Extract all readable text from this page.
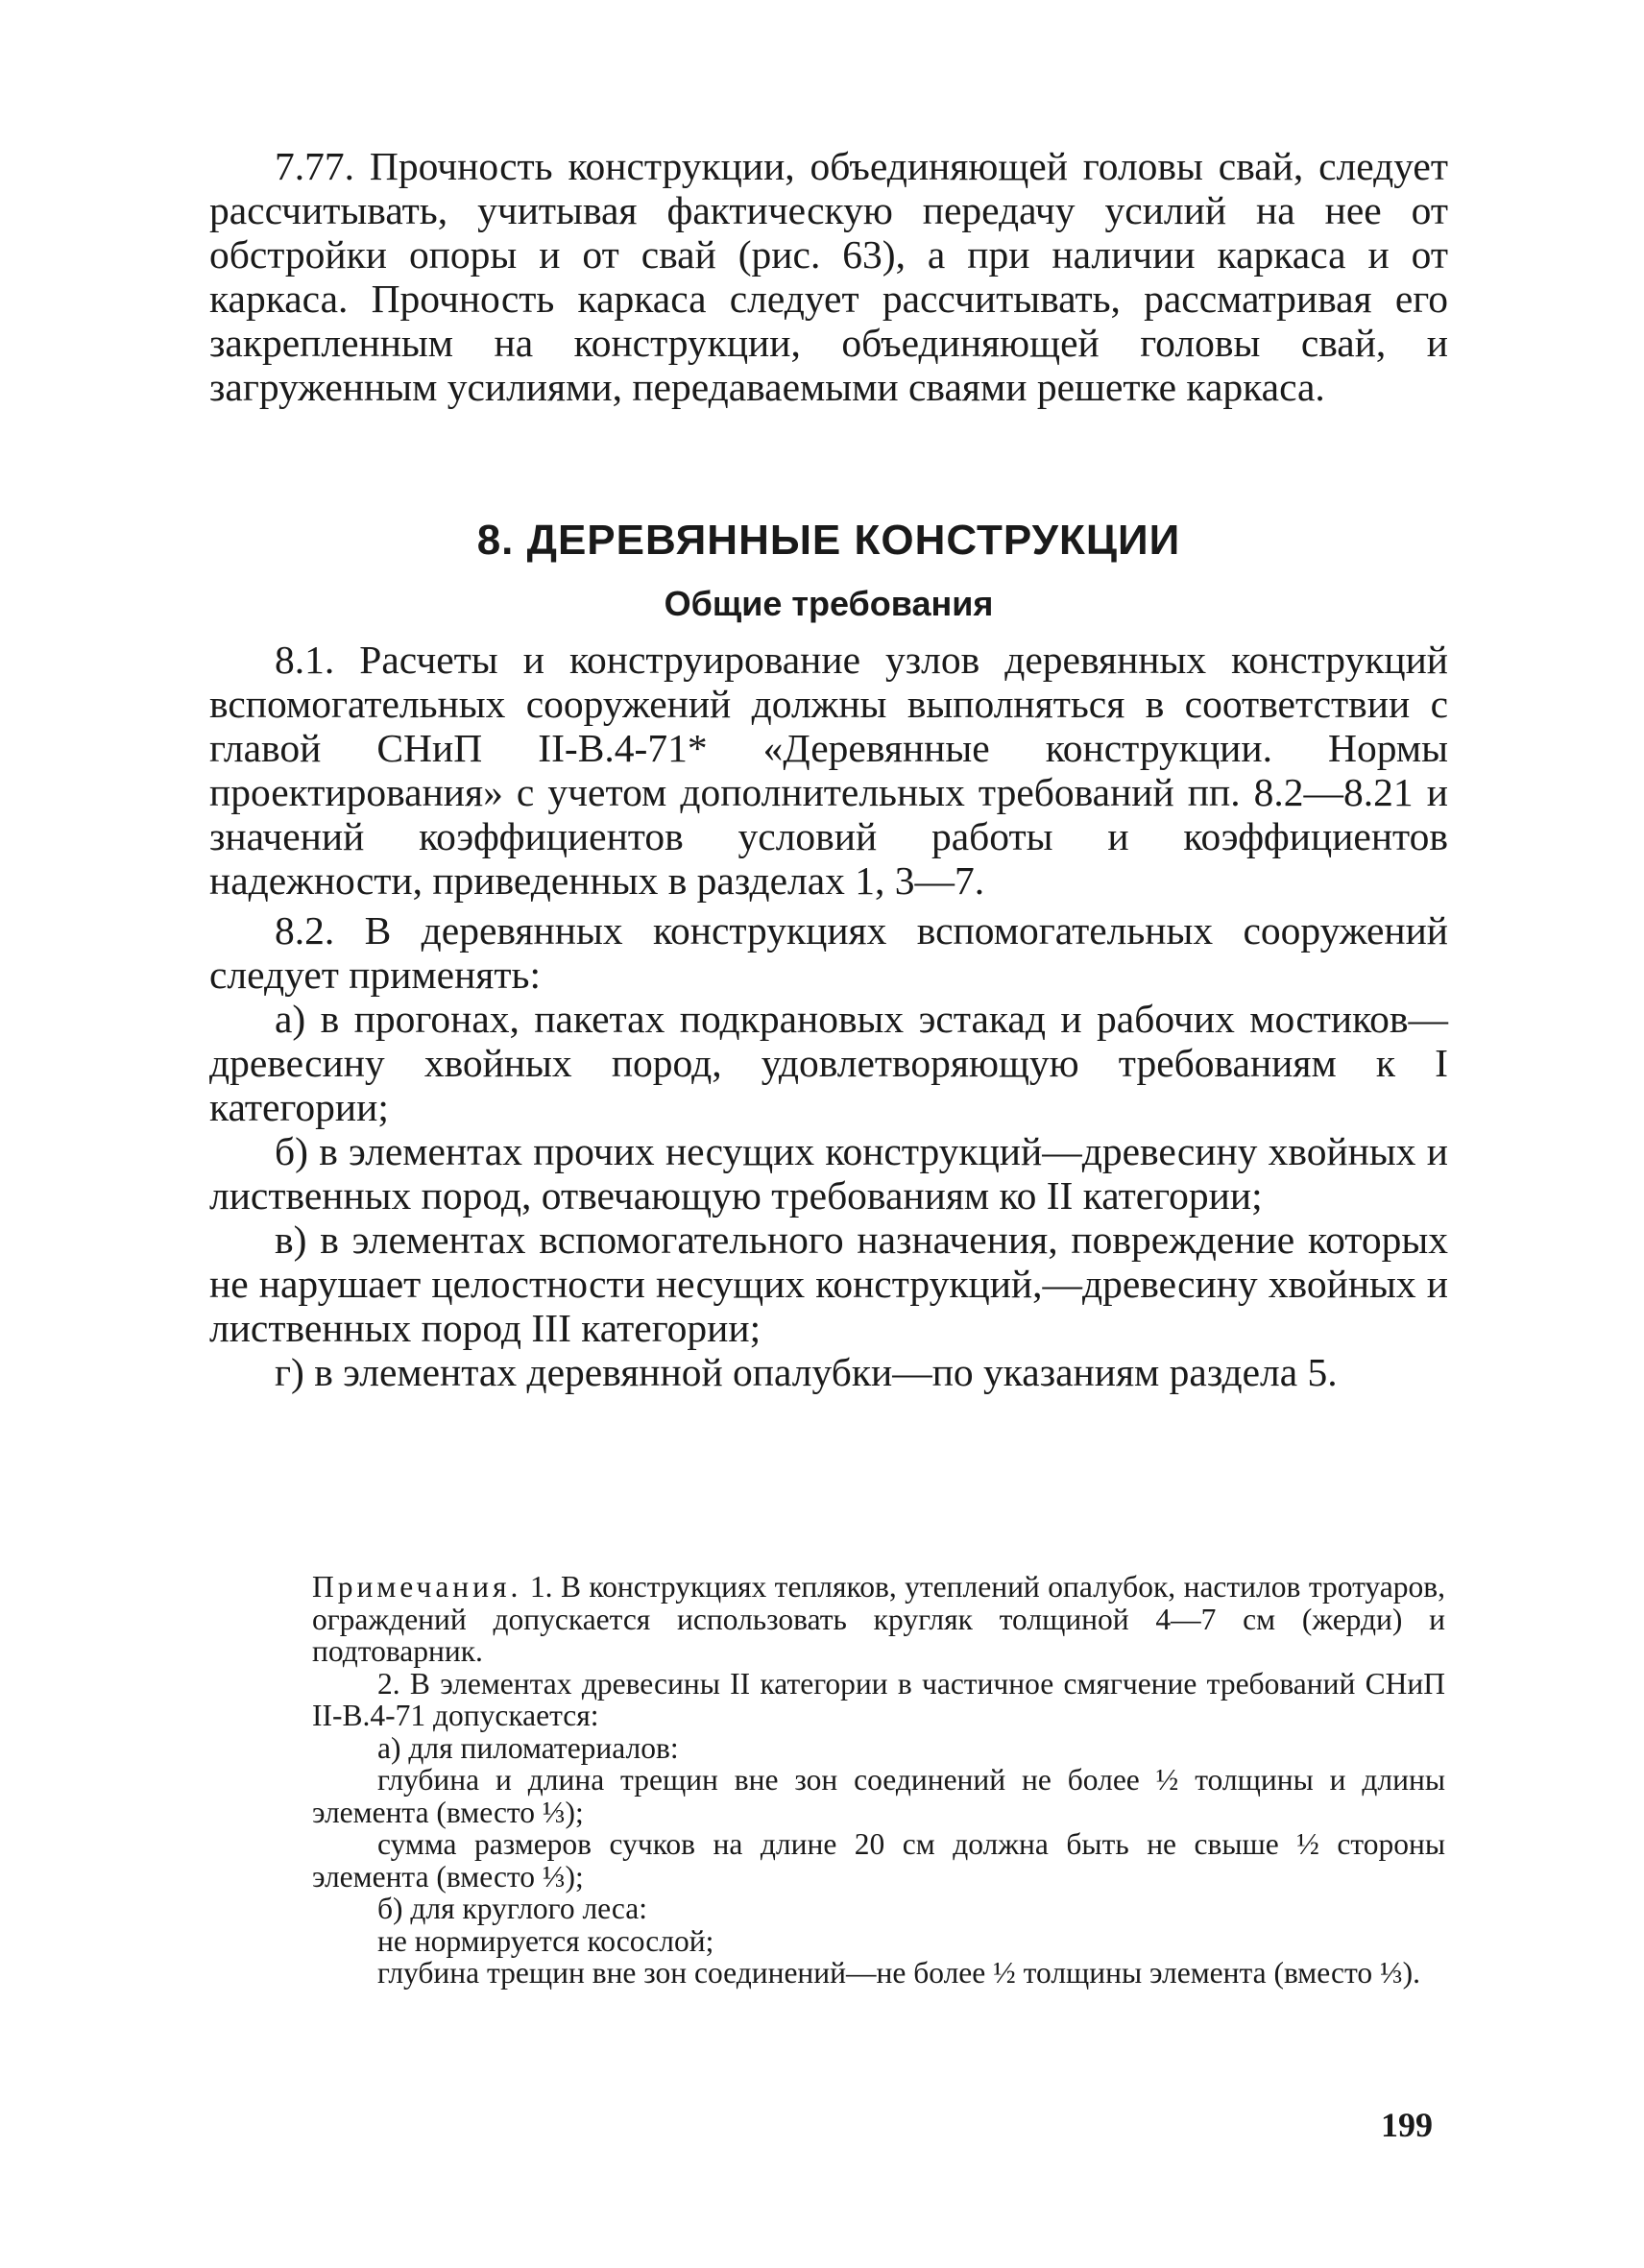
7.77. Прочность конструкции, объединяющей головы свай, следует рассчитывать, учитывая фактическую передачу усилий на нее от обстройки опоры и от свай (рис. 63), а при наличии каркаса и от каркаса. Прочность каркаса следует рассчитывать, рассматривая его закрепленным на конструкции, объединяющей головы свай, и загруженным усилиями, передаваемыми сваями решетке каркаса.

8. ДЕРЕВЯННЫЕ КОНСТРУКЦИИ

Общие требования

8.1. Расчеты и конструирование узлов деревянных конструкций вспомогательных сооружений должны выполняться в соответствии с главой СНиП II-В.4-71* «Деревянные конструкции. Нормы проектирования» с учетом дополнительных требований пп. 8.2—8.21 и значений коэффициентов условий работы и коэффициентов надежности, приведенных в разделах 1, 3—7.

8.2. В деревянных конструкциях вспомогательных сооружений следует применять:

а) в прогонах, пакетах подкрановых эстакад и рабочих мостиков—древесину хвойных пород, удовлетворяющую требованиям к I категории;

б) в элементах прочих несущих конструкций—древесину хвойных и лиственных пород, отвечающую требованиям ко II категории;

в) в элементах вспомогательного назначения, повреждение которых не нарушает целостности несущих конструкций,—древесину хвойных и лиственных пород III категории;

г) в элементах деревянной опалубки—по указаниям раздела 5.

Примечания. 1. В конструкциях тепляков, утеплений опалубок, настилов тротуаров, ограждений допускается использовать кругляк толщиной 4—7 см (жерди) и подтоварник.

2. В элементах древесины II категории в частичное смягчение требований СНиП II-В.4-71 допускается:

а) для пиломатериалов:

глубина и длина трещин вне зон соединений не более ½ толщины и длины элемента (вместо ⅓);

сумма размеров сучков на длине 20 см должна быть не свыше ½ стороны элемента (вместо ⅓);

б) для круглого леса:

не нормируется косослой;

глубина трещин вне зон соединений—не более ½ толщины элемента (вместо ⅓).

199
